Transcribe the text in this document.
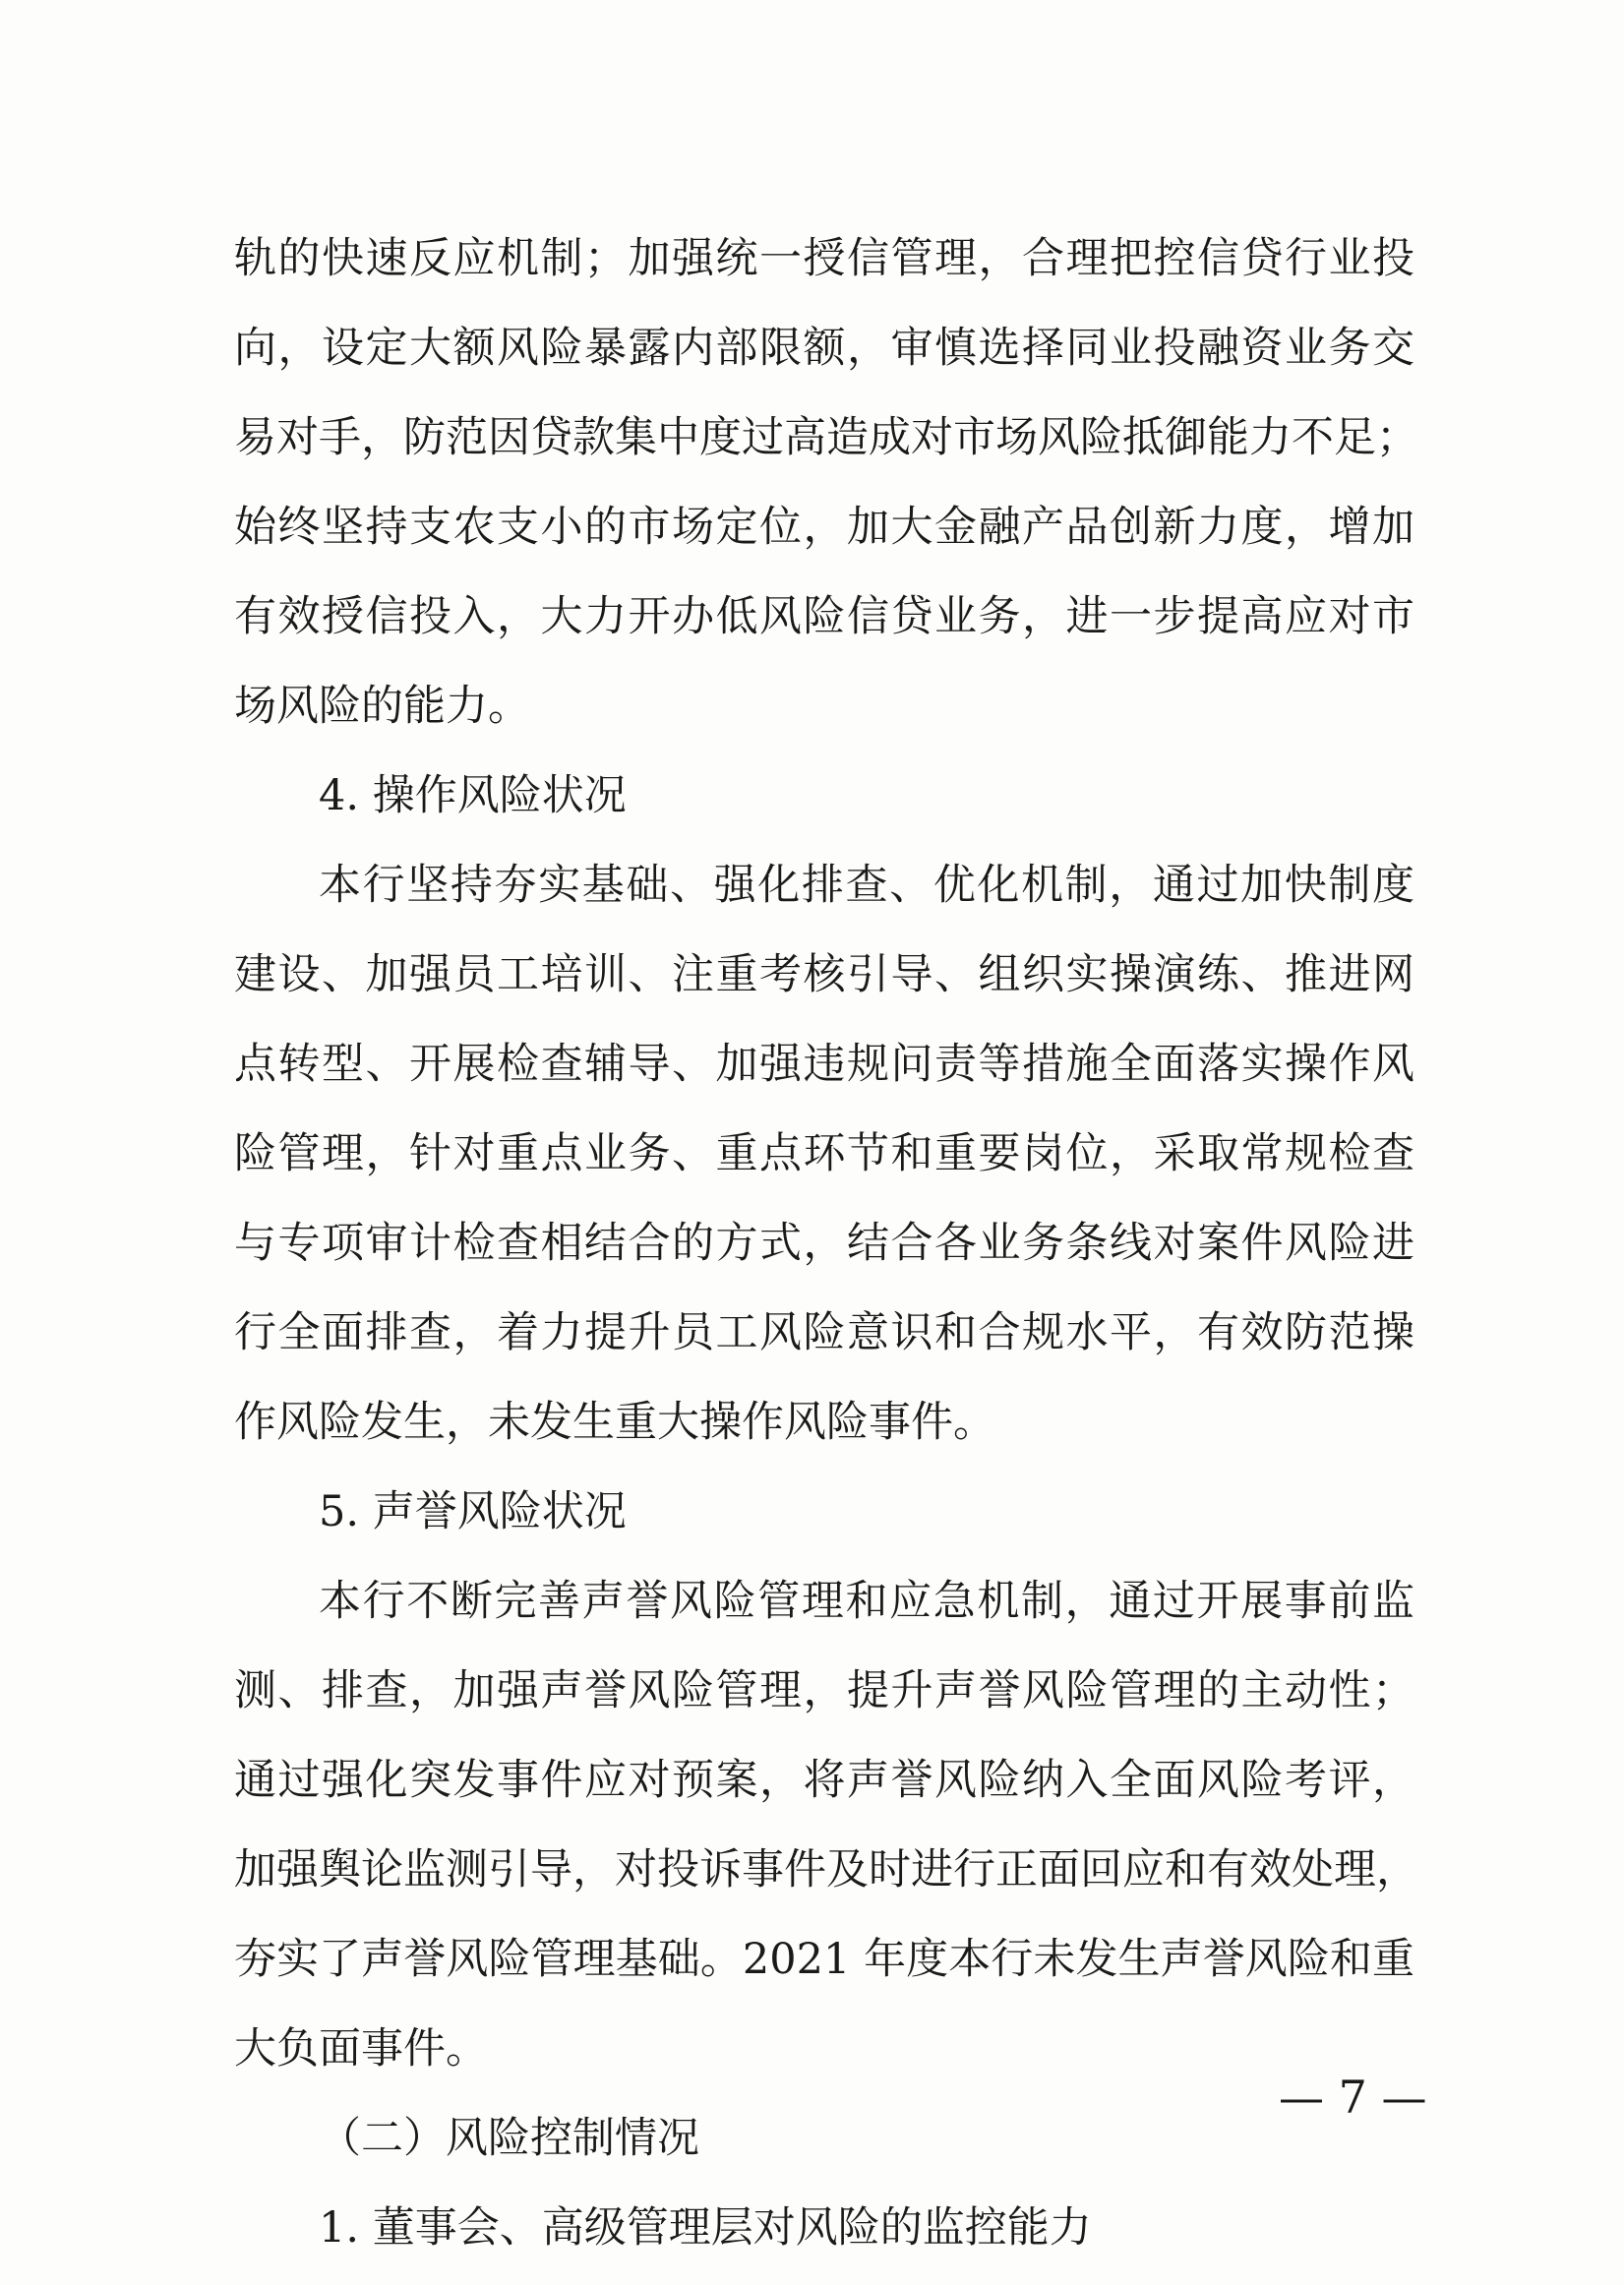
轨的快速反应机制；加强统一授信管理，合理把控信贷行业投
向，设定大额风险暴露内部限额，审慎选择同业投融资业务交
易对手，防范因贷款集中度过高造成对市场风险抵御能力不足；
始终坚持支农支小的市场定位，加大金融产品创新力度，增加
有效授信投入，大力开办低风险信贷业务，进一步提高应对市
场风险的能力。
4. 操作风险状况
本行坚持夯实基础、强化排查、优化机制，通过加快制度
建设、加强员工培训、注重考核引导、组织实操演练、推进网
点转型、开展检查辅导、加强违规问责等措施全面落实操作风
险管理，针对重点业务、重点环节和重要岗位，采取常规检查
与专项审计检查相结合的方式，结合各业务条线对案件风险进
行全面排查，着力提升员工风险意识和合规水平，有效防范操
作风险发生，未发生重大操作风险事件。
5. 声誉风险状况
本行不断完善声誉风险管理和应急机制，通过开展事前监
测、排查，加强声誉风险管理，提升声誉风险管理的主动性；
通过强化突发事件应对预案，将声誉风险纳入全面风险考评，
加强舆论监测引导，对投诉事件及时进行正面回应和有效处理，
夯实了声誉风险管理基础。2021 年度本行未发生声誉风险和重
大负面事件。
（二）风险控制情况
1. 董事会、高级管理层对风险的监控能力
— 7 —
